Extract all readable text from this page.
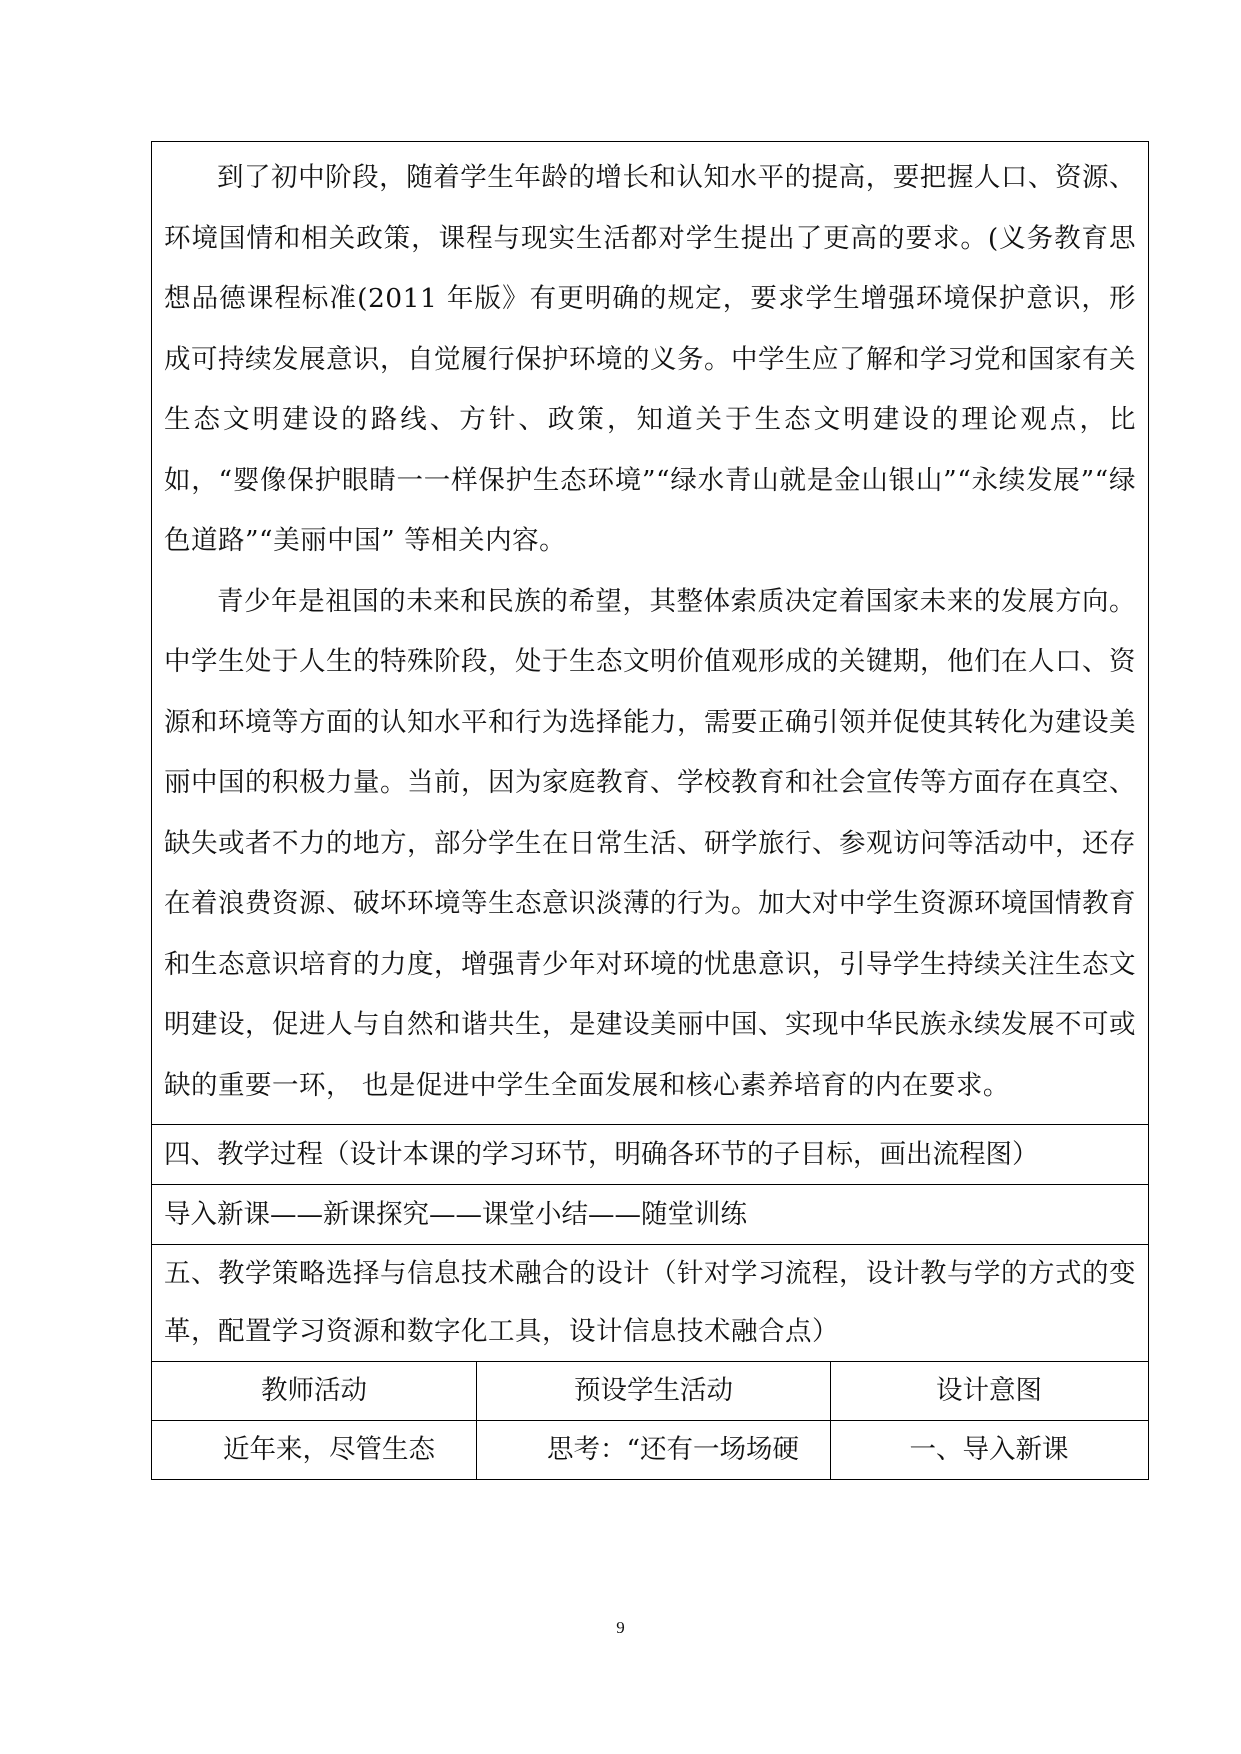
到了初中阶段，随着学生年龄的增长和认知水平的提高，要把握人口、资源、环境国情和相关政策，课程与现实生活都对学生提出了更高的要求。(义务教育思想品德课程标准(2011 年版》有更明确的规定，要求学生增强环境保护意识，形成可持续发展意识，自觉履行保护环境的义务。中学生应了解和学习党和国家有关生态文明建设的路线、方针、政策，知道关于生态文明建设的理论观点，比如，“婴像保护眼睛一一样保护生态环境”“绿水青山就是金山银山”“永续发展”“绿色道路”“美丽中国” 等相关内容。

青少年是祖国的未来和民族的希望，其整体索质决定着国家未来的发展方向。中学生处于人生的特殊阶段，处于生态文明价值观形成的关键期，他们在人口、资源和环境等方面的认知水平和行为选择能力，需要正确引领并促使其转化为建设美丽中国的积极力量。当前，因为家庭教育、学校教育和社会宣传等方面存在真空、缺失或者不力的地方，部分学生在日常生活、研学旅行、参观访问等活动中，还存在着浪费资源、破坏环境等生态意识淡薄的行为。加大对中学生资源环境国情教育和生态意识培育的力度，增强青少年对环境的忧患意识，引导学生持续关注生态文明建设，促进人与自然和谐共生，是建设美丽中国、实现中华民族永续发展不可或缺的重要一环， 也是促进中学生全面发展和核心素养培育的内在要求。

四、教学过程（设计本课的学习环节，明确各环节的子目标，画出流程图）
导入新课——新课探究——课堂小结——随堂训练
五、教学策略选择与信息技术融合的设计（针对学习流程，设计教与学的方式的变革，配置学习资源和数字化工具，设计信息技术融合点）
教师活动	预设学生活动	设计意图
近年来，尽管生态	思考：“还有一场场硬	一、导入新课
9
